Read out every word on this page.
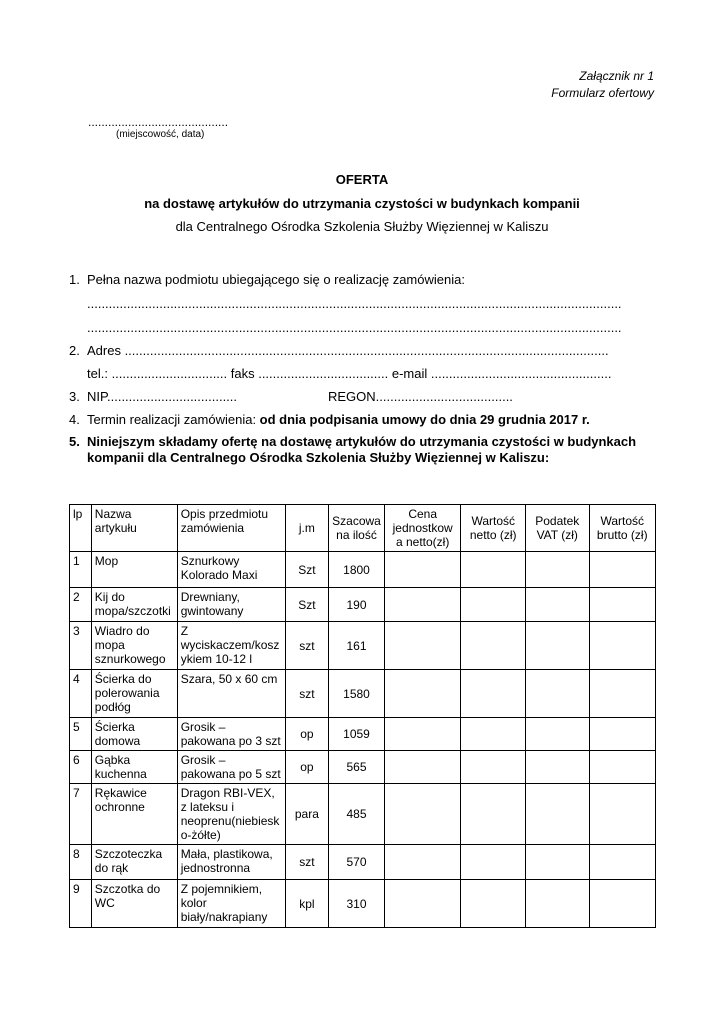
Załącznik nr 1
Formularz ofertowy
..........................................
(miejscowość, data)
OFERTA
na dostawę artykułów do utrzymania czystości w budynkach kompanii
dla Centralnego Ośrodka Szkolenia Służby Więziennej w Kaliszu
1. Pełna nazwa podmiotu ubiegającego się o realizację zamówienia:
....................................................................................................................................................
....................................................................................................................................................
2. Adres ......................................................................................................................................
tel.: ................................ faks .................................... e-mail ..................................................
3. NIP....................................	REGON......................................
4. Termin realizacji zamówienia: od dnia podpisania umowy do dnia 29 grudnia 2017 r.
5. Niniejszym składamy ofertę na dostawę artykułów do utrzymania czystości w budynkach
kompanii dla Centralnego Ośrodka Szkolenia Służby Więziennej w Kaliszu:
lp	Nazwa artykułu	Opis przedmiotu zamówienia	j.m	Szacowa na ilość	Cena jednostkow a netto(zł)	Wartość netto (zł)	Podatek VAT (zł)	Wartość brutto (zł)
1	Mop	Sznurkowy Kolorado Maxi	Szt	1800				
2	Kij do mopa/szczotki	Drewniany, gwintowany	Szt	190				
3	Wiadro do mopa sznurkowego	Z wyciskaczem/kosz ykiem 10-12 l	szt	161				
4	Ścierka do polerowania podłóg	Szara, 50 x 60 cm	szt	1580				
5	Ścierka domowa	Grosik – pakowana po 3 szt	op	1059				
6	Gąbka kuchenna	Grosik – pakowana po 5 szt	op	565				
7	Rękawice ochronne	Dragon RBI-VEX, z lateksu i neoprenu(niebiesk o-żółte)	para	485				
8	Szczoteczka do rąk	Mała, plastikowa, jednostronna	szt	570				
9	Szczotka do WC	Z pojemnikiem, kolor biały/nakrapiany	kpl	310				
